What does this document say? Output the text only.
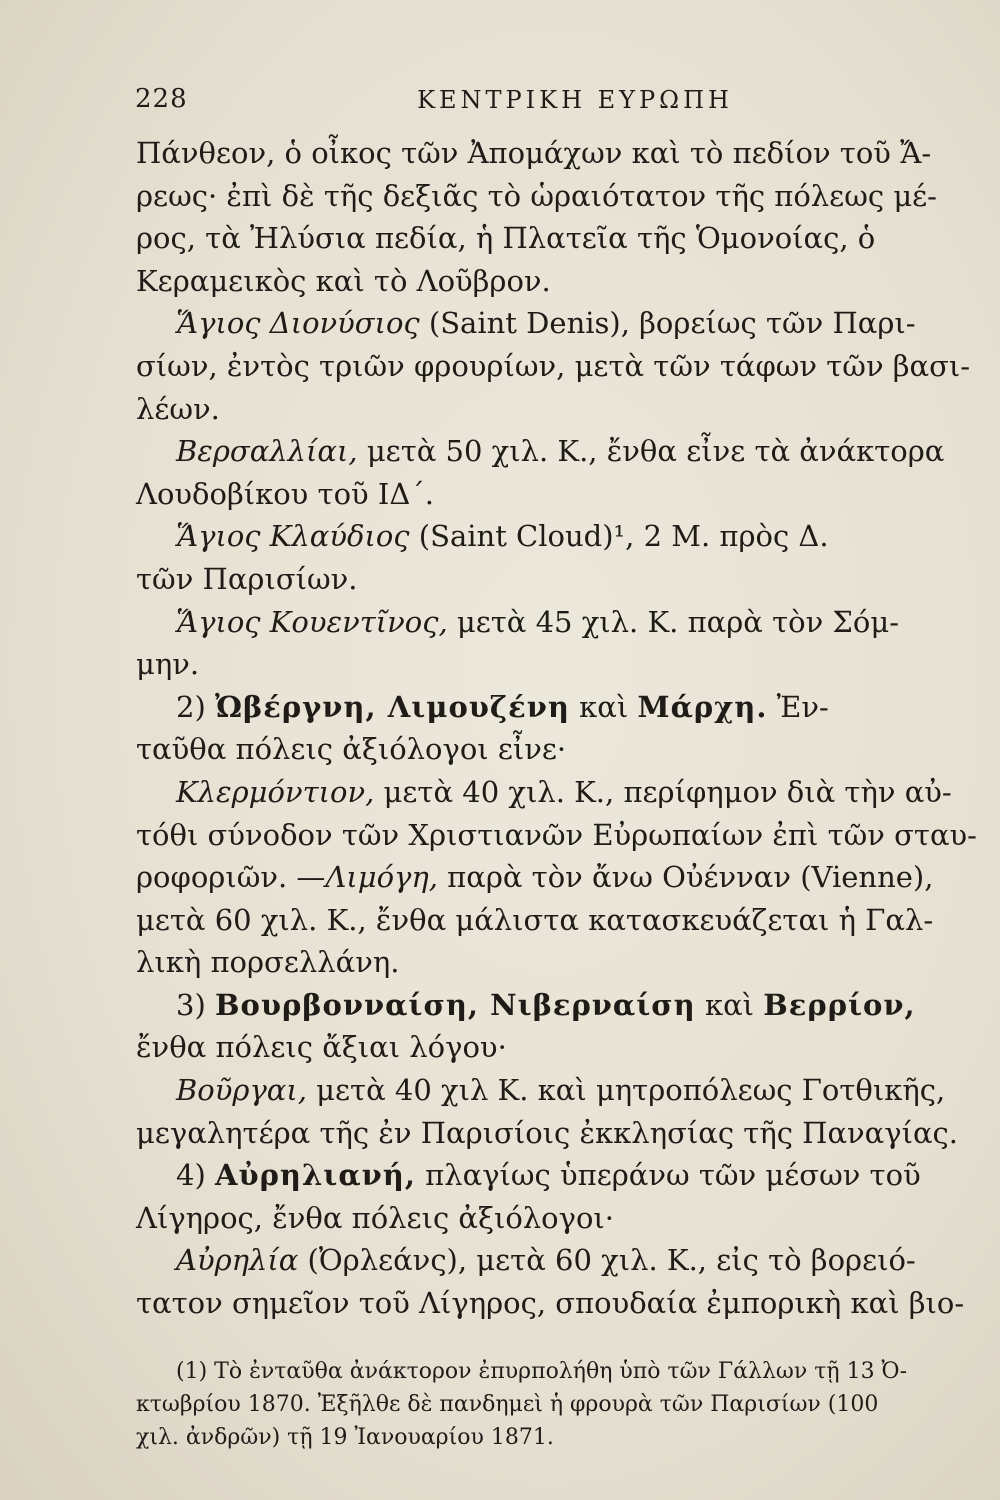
228	ΚΕΝΤΡΙΚΗ ΕΥΡΩΠΗ
Πάνθεον, ὁ οἶκος τῶν Ἀπομάχων καὶ τὸ πεδίον τοῦ Ἄ-
ρεως· ἐπὶ δὲ τῆς δεξιᾶς τὸ ὡραιότατον τῆς πόλεως μέ-
ρος, τὰ Ἠλύσια πεδία, ἡ Πλατεῖα τῆς Ὁμονοίας, ὁ
Κεραμεικὸς καὶ τὸ Λοῦβρον.
Ἅγιος Διονύσιος (Saint Denis), βορείως τῶν Παρι-
σίων, ἐντὸς τριῶν φρουρίων, μετὰ τῶν τάφων τῶν βασι-
λέων.
Βερσαλλίαι, μετὰ 50 χιλ. Κ., ἔνθα εἶνε τὰ ἀνάκτορα
Λουδοβίκου τοῦ ΙΔ΄.
Ἅγιος Κλαύδιος (Saint Cloud)¹, 2 Μ. πρὸς Δ.
τῶν Παρισίων.
Ἅγιος Κουεντῖνος, μετὰ 45 χιλ. Κ. παρὰ τὸν Σόμ-
μην.
2) Ὠβέργνη, Λιμουζένη καὶ Μάρχη. Ἐν-
ταῦθα πόλεις ἀξιόλογοι εἶνε·
Κλερμόντιον, μετὰ 40 χιλ. Κ., περίφημον διὰ τὴν αὐ-
τόθι σύνοδον τῶν Χριστιανῶν Εὐρωπαίων ἐπὶ τῶν σταυ-
ροφοριῶν. —Λιμόγη, παρὰ τὸν ἄνω Οὐένναν (Vienne),
μετὰ 60 χιλ. Κ., ἔνθα μάλιστα κατασκευάζεται ἡ Γαλ-
λικὴ πορσελλάνη.
3) Βουρβονναίση, Νιβερναίση καὶ Βερρίον,
ἔνθα πόλεις ἄξιαι λόγου·
Βοῦργαι, μετὰ 40 χιλ Κ. καὶ μητροπόλεως Γοτθικῆς,
μεγαλητέρα τῆς ἐν Παρισίοις ἐκκλησίας τῆς Παναγίας.
4) Αὐρηλιανή, πλαγίως ὑπεράνω τῶν μέσων τοῦ
Λίγηρος, ἔνθα πόλεις ἀξιόλογοι·
Αὐρηλία (Ὀρλεάνς), μετὰ 60 χιλ. Κ., εἰς τὸ βορειό-
τατον σημεῖον τοῦ Λίγηρος, σπουδαία ἐμπορικὴ καὶ βιο-
(1) Τὸ ἐνταῦθα ἀνάκτορον ἐπυρπολήθη ὑπὸ τῶν Γάλλων τῇ 13 Ὀ-
κτωβρίου 1870. Ἐξῆλθε δὲ πανδημεὶ ἡ φρουρὰ τῶν Παρισίων (100
χιλ. ἀνδρῶν) τῇ 19 Ἰανουαρίου 1871.
